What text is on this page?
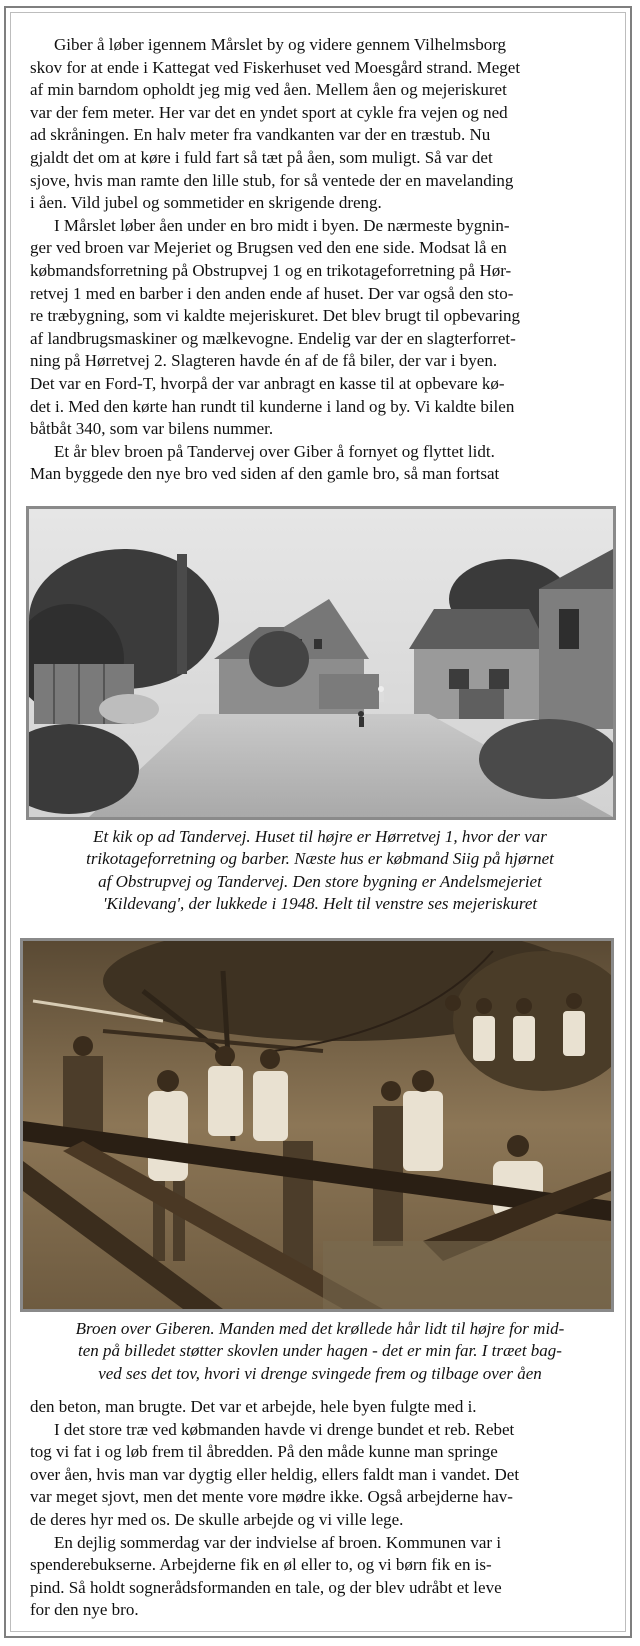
Giber å løber igennem Mårslet by og videre gennem Vilhelmsborg
skov for at ende i Kattegat ved Fiskerhuset ved Moesgård strand. Meget
af min barndom opholdt jeg mig ved åen. Mellem åen og mejeriskuret
var der fem meter. Her var det en yndet sport at cykle fra vejen og ned
ad skråningen. En halv meter fra vandkanten var der en træstub. Nu
gjaldt det om at køre i fuld fart så tæt på åen, som muligt. Så var det
sjove, hvis man ramte den lille stub, for så ventede der en mavelanding
i åen. Vild jubel og sommetider en skrigende dreng.
I Mårslet løber åen under en bro midt i byen. De nærmeste bygnin-
ger ved broen var Mejeriet og Brugsen ved den ene side. Modsat lå en
købmandsforretning på Obstrupvej 1 og en trikotageforretning på Hør-
retvej 1 med en barber i den anden ende af huset. Der var også den sto-
re træbygning, som vi kaldte mejeriskuret. Det blev brugt til opbevaring
af landbrugsmaskiner og mælkevogne. Endelig var der en slagterforret-
ning på Hørretvej 2. Slagteren havde én af de få biler, der var i byen.
Det var en Ford-T, hvorpå der var anbragt en kasse til at opbevare kø-
det i. Med den kørte han rundt til kunderne i land og by. Vi kaldte bilen
båtbåt 340, som var bilens nummer.
Et år blev broen på Tandervej over Giber å fornyet og flyttet lidt.
Man byggede den nye bro ved siden af den gamle bro, så man fortsat
Et kik op ad Tandervej. Huset til højre er Hørretvej 1, hvor der var
trikotageforretning og barber. Næste hus er købmand Siig på hjørnet
af Obstrupvej og Tandervej. Den store bygning er Andelsmejeriet
'Kildevang', der lukkede i 1948. Helt til venstre ses mejeriskuret
Broen over Giberen. Manden med det krøllede hår lidt til højre for mid-
ten på billedet støtter skovlen under hagen - det er min far. I træet bag-
ved ses det tov, hvori vi drenge svingede frem og tilbage over åen
den beton, man brugte. Det var et arbejde, hele byen fulgte med i.
I det store træ ved købmanden havde vi drenge bundet et reb. Rebet
tog vi fat i og løb frem til åbredden. På den måde kunne man springe
over åen, hvis man var dygtig eller heldig, ellers faldt man i vandet. Det
var meget sjovt, men det mente vore mødre ikke. Også arbejderne hav-
de deres hyr med os. De skulle arbejde og vi ville lege.
En dejlig sommerdag var der indvielse af broen. Kommunen var i
spenderebukserne. Arbejderne fik en øl eller to, og vi børn fik en is-
pind. Så holdt sognerådsformanden en tale, og der blev udråbt et leve
for den nye bro.
